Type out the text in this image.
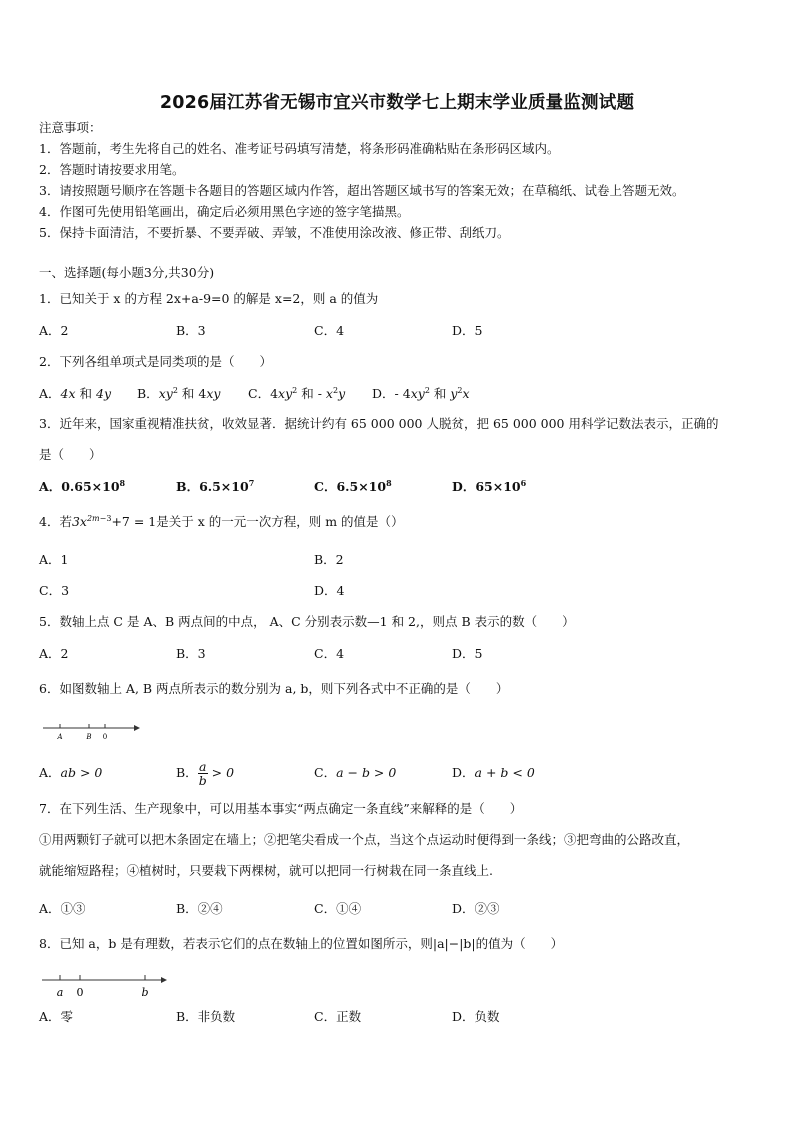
2026届江苏省无锡市宜兴市数学七上期末学业质量监测试题
注意事项：
1．答题前，考生先将自己的姓名、准考证号码填写清楚，将条形码准确粘贴在条形码区域内。
2．答题时请按要求用笔。
3．请按照题号顺序在答题卡各题目的答题区域内作答，超出答题区域书写的答案无效；在草稿纸、试卷上答题无效。
4．作图可先使用铅笔画出，确定后必须用黑色字迹的签字笔描黑。
5．保持卡面清洁，不要折暴、不要弄破、弄皱，不准使用涂改液、修正带、刮纸刀。
一、选择题(每小题3分,共30分)
1．已知关于 x 的方程 2x+a-9=0 的解是 x=2，则 a 的值为
A．2	B．3	C．4	D．5
2．下列各组单项式是同类项的是（　　）
A．4x 和 4y B．$xy^2$ 和 4xy C．$4xy^2$ 和 - $x^2y$ D．- $4xy^2$ 和 $y^2x$
3．近年来，国家重视精准扶贫，收效显著．据统计约有 65 000 000 人脱贫，把 65 000 000 用科学记数法表示，正确的
是（　　）
A．$0.65\times 10^8$	B．$6.5\times 10^7$	C．$6.5\times 10^8$	D．$65\times 10^6$
4．若$3x^{2m-3}+7 = 1$是关于 x 的一元一次方程，则 m 的值是（）
A．1	B．2
C．3	D．4
5．数轴上点 C 是 A、B 两点间的中点， A、C 分别表示数—1 和 2,，则点 B 表示的数（　　）
A．2	B．3	C．4	D．5
6．如图数轴上 A, B 两点所表示的数分别为 a, b，则下列各式中不正确的是（　　）
A	B 0
A．ab > 0	B． $\frac{a}{b} > 0$	C．a − b > 0	D．a + b < 0
7．在下列生活、生产现象中，可以用基本事实“两点确定一条直线”来解释的是（　　）
①用两颗钉子就可以把木条固定在墙上；②把笔尖看成一个点，当这个点运动时便得到一条线；③把弯曲的公路改直，
就能缩短路程；④植树时，只要栽下两棵树，就可以把同一行树栽在同一条直线上.
A．①③	B．②④	C．①④	D．②③
8．已知 a，b 是有理数，若表示它们的点在数轴上的位置如图所示，则|a|−|b|的值为（　　）
a 0	b
A．零	B．非负数	C．正数	D．负数
